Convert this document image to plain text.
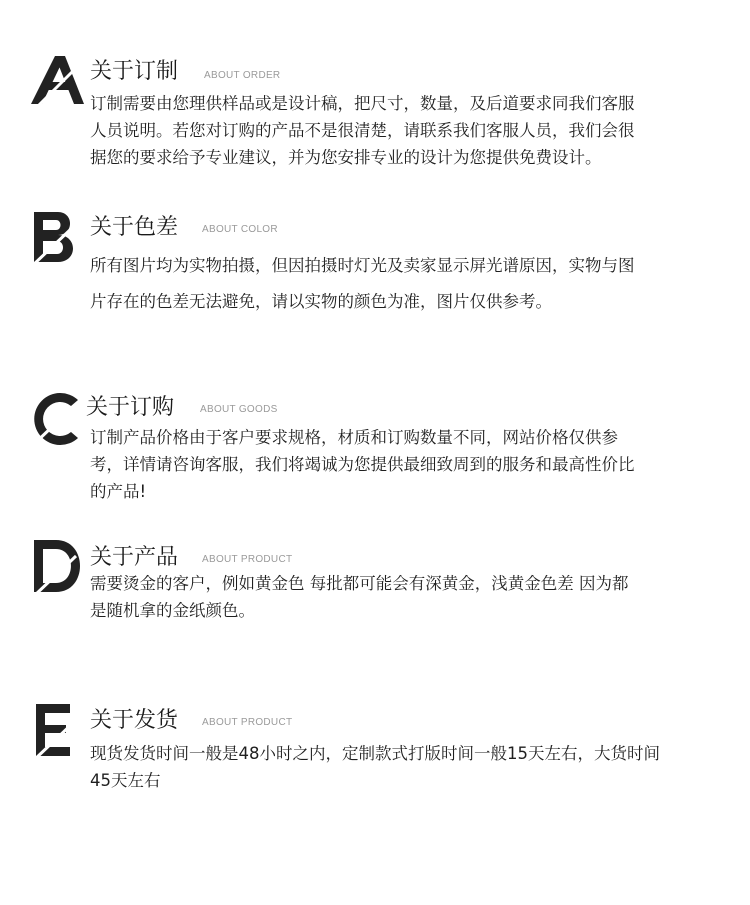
关于订制	ABOUT ORDER
订制需要由您理供样品或是设计稿，把尺寸，数量，及后道要求同我们客服
人员说明。若您对订购的产品不是很清楚，请联系我们客服人员，我们会很
据您的要求给予专业建议，并为您安排专业的设计为您提供免费设计。
关于色差 ABOUT COLOR
所有图片均为实物拍摄，但因拍摄时灯光及卖家显示屏光谱原因，实物与图
片存在的色差无法避免，请以实物的颜色为准，图片仅供参考。
关于订购	ABOUT GOODS
订制产品价格由于客户要求规格，材质和订购数量不同，网站价格仅供参
考，详情请咨询客服，我们将竭诚为您提供最细致周到的服务和最高性价比
的产品!
关于产品 ABOUT PRODUCT
需要烫金的客户，例如黄金色 每批都可能会有深黄金，浅黄金色差 因为都
是随机拿的金纸颜色。
关于发货 ABOUT PRODUCT
现货发货时间一般是48小时之内，定制款式打版时间一般15天左右，大货时间
45天左右
